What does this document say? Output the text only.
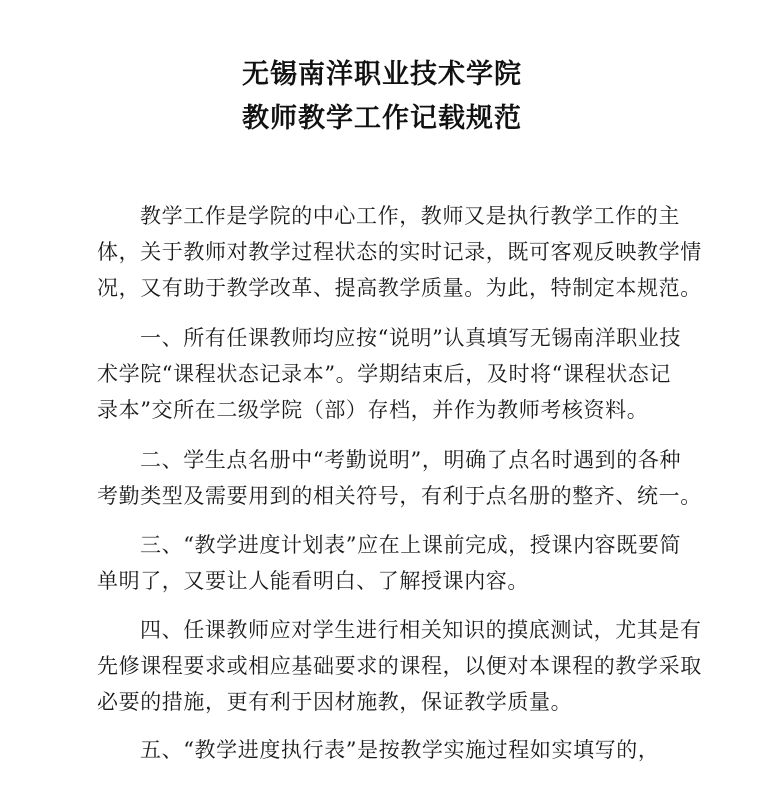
无锡南洋职业技术学院
教师教学工作记载规范
教学工作是学院的中心工作，教师又是执行教学工作的主
体，关于教师对教学过程状态的实时记录，既可客观反映教学情
况，又有助于教学改革、提高教学质量。为此，特制定本规范。
一、所有任课教师均应按“说明”认真填写无锡南洋职业技
术学院“课程状态记录本”。学期结束后，及时将“课程状态记
录本”交所在二级学院（部）存档，并作为教师考核资料。
二、学生点名册中“考勤说明”，明确了点名时遇到的各种
考勤类型及需要用到的相关符号，有利于点名册的整齐、统一。
三、“教学进度计划表”应在上课前完成，授课内容既要简
单明了，又要让人能看明白、了解授课内容。
四、任课教师应对学生进行相关知识的摸底测试，尤其是有
先修课程要求或相应基础要求的课程，以便对本课程的教学采取
必要的措施，更有利于因材施教，保证教学质量。
五、“教学进度执行表”是按教学实施过程如实填写的，
